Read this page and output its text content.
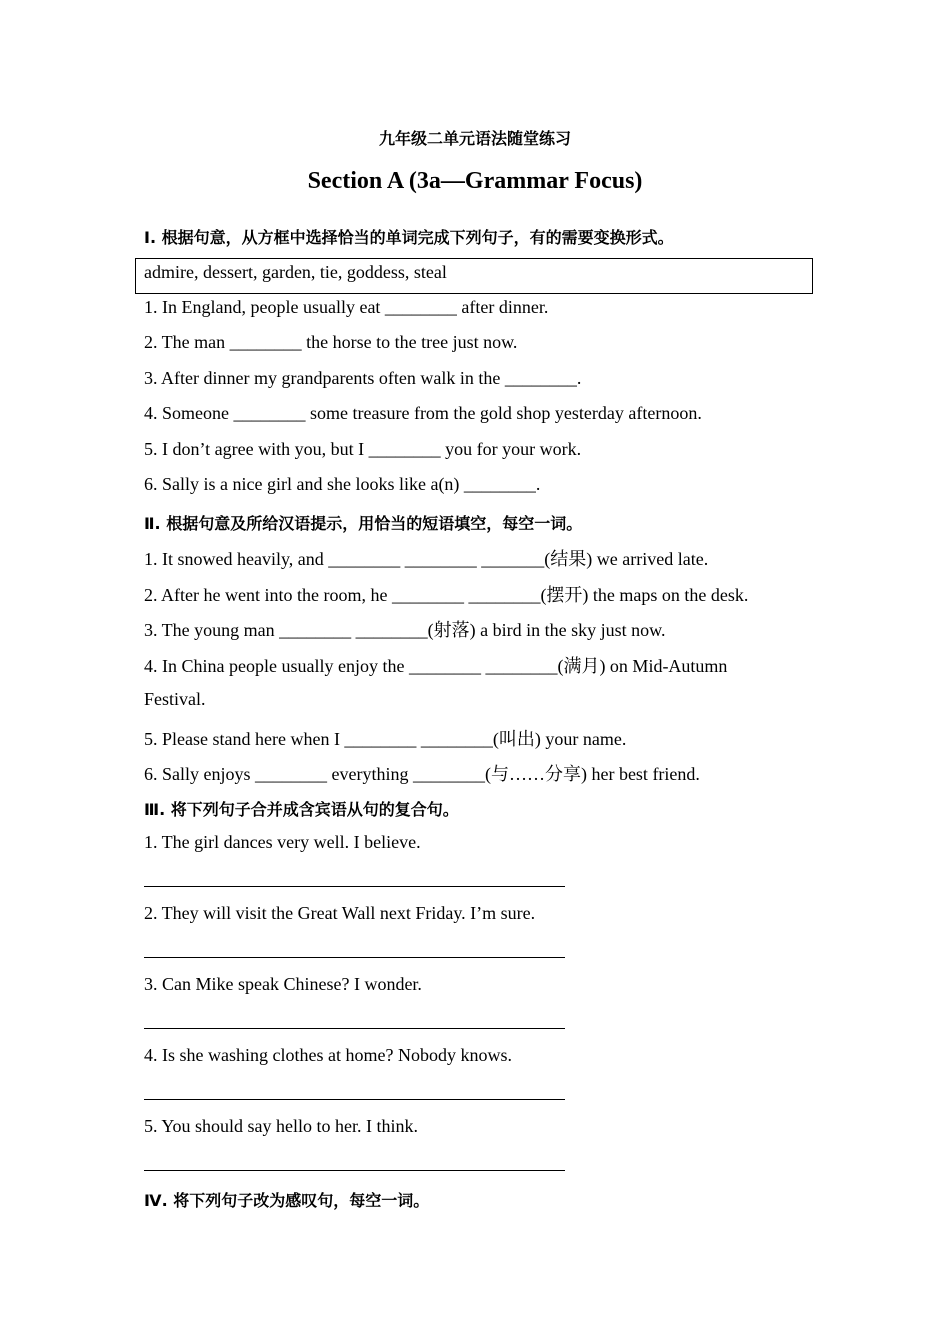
九年级二单元语法随堂练习
Section A (3a—Grammar Focus)
Ⅰ. 根据句意，从方框中选择恰当的单词完成下列句子，有的需要变换形式。
admire, dessert, garden, tie, goddess, steal
1. In England, people usually eat ________ after dinner.
2. The man ________ the horse to the tree just now.
3. After dinner my grandparents often walk in the ________.
4. Someone ________ some treasure from the gold shop yesterday afternoon.
5. I don’t agree with you, but I ________ you for your work.
6. Sally is a nice girl and she looks like a(n) ________.
Ⅱ. 根据句意及所给汉语提示，用恰当的短语填空，每空一词。
1. It snowed heavily, and ________ ________ _______(结果) we arrived late.
2. After he went into the room, he ________ ________(摆开) the maps on the desk.
3. The young man ________ ________(射落) a bird in the sky just now.
4. In China people usually enjoy the ________ ________(满月) on Mid-Autumn
Festival.
5. Please stand here when I ________ ________(叫出) your name.
6. Sally enjoys ________ everything ________(与……分享) her best friend.
Ⅲ. 将下列句子合并成含宾语从句的复合句。
1. The girl dances very well. I believe.
2. They will visit the Great Wall next Friday. I’m sure.
3. Can Mike speak Chinese? I wonder.
4. Is she washing clothes at home? Nobody knows.
5. You should say hello to her. I think.
Ⅳ. 将下列句子改为感叹句，每空一词。
